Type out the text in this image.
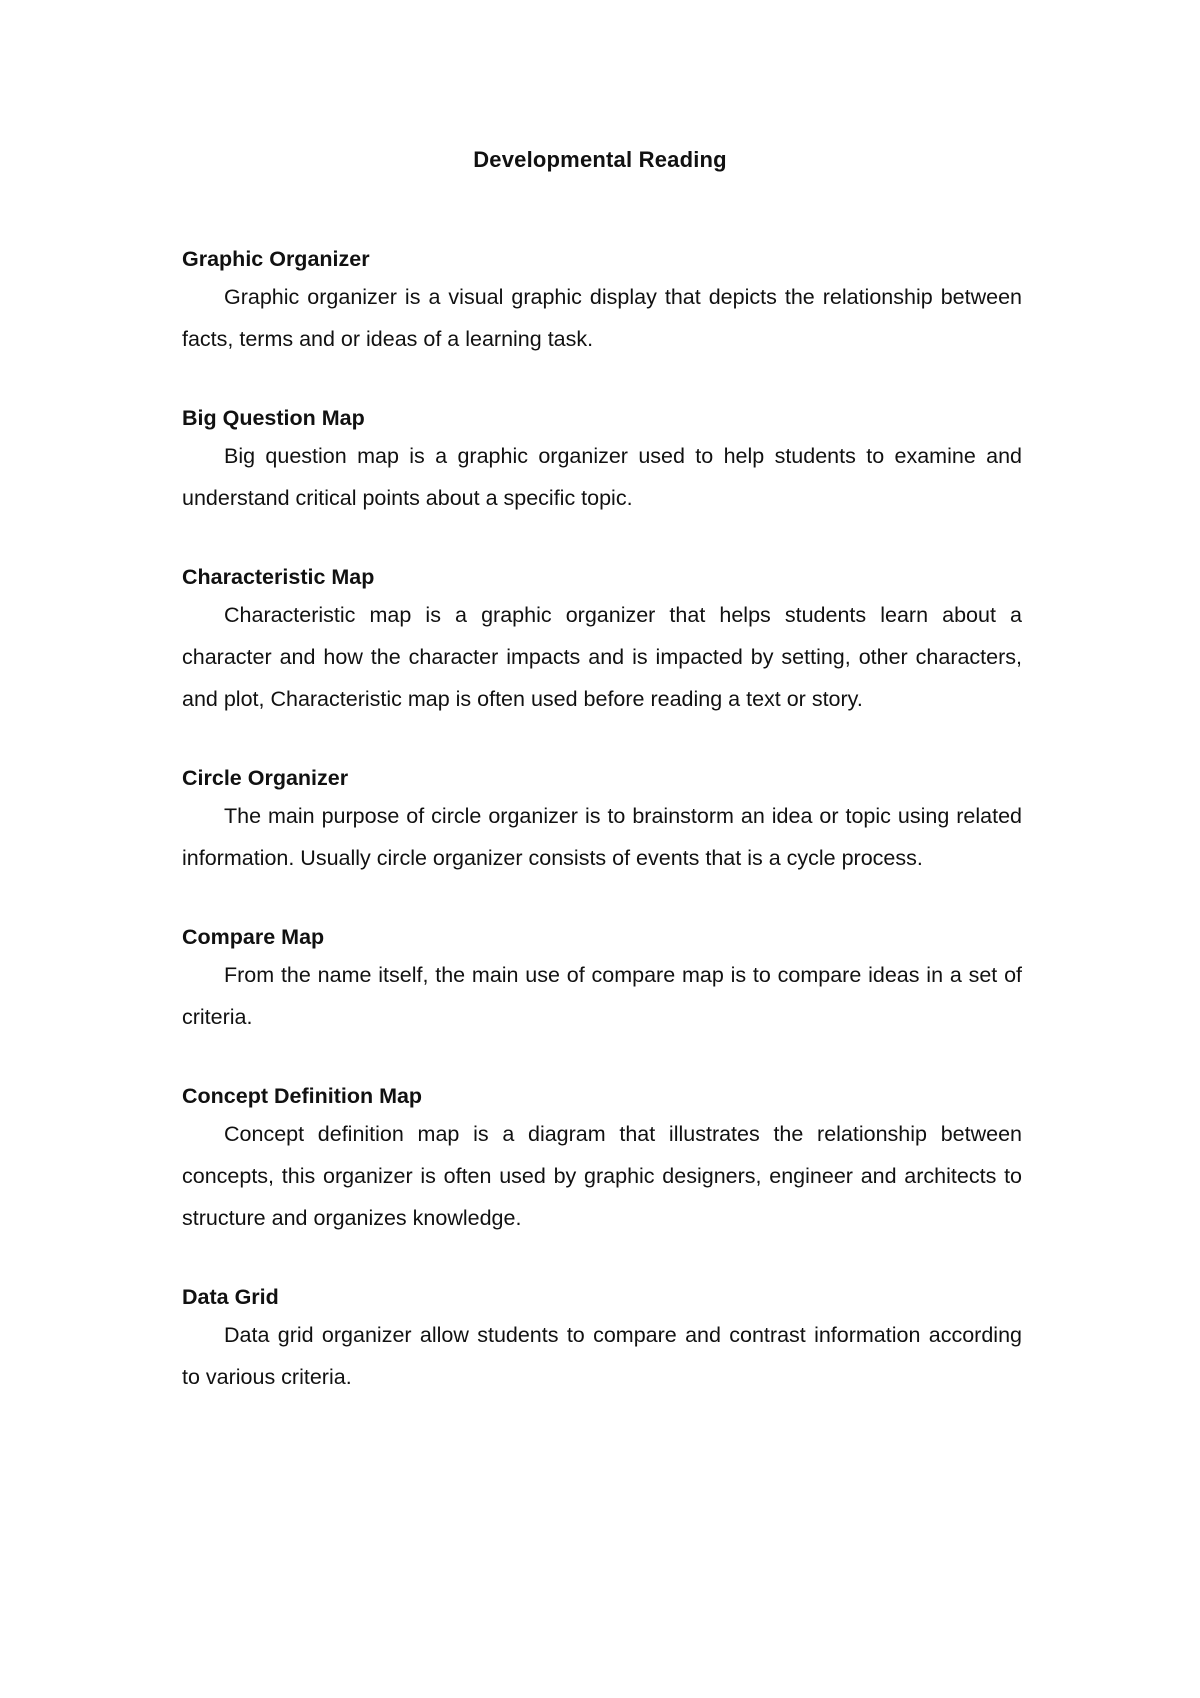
Developmental Reading

Graphic Organizer

Graphic organizer is a visual graphic display that depicts the relationship between facts, terms and or ideas of a learning task.

Big Question Map

Big question map is a graphic organizer used to help students to examine and understand critical points about a specific topic.

Characteristic Map

Characteristic map is a graphic organizer that helps students learn about a character and how the character impacts and is impacted by setting, other characters, and plot, Characteristic map is often used before reading a text or story.

Circle Organizer

The main purpose of circle organizer is to brainstorm an idea or topic using related information. Usually circle organizer consists of events that is a cycle process.

Compare Map

From the name itself, the main use of compare map is to compare ideas in a set of criteria.

Concept Definition Map

Concept definition map is a diagram that illustrates the relationship between concepts, this organizer is often used by graphic designers, engineer and architects to structure and organizes knowledge.

Data Grid

Data grid organizer allow students to compare and contrast information according to various criteria.
